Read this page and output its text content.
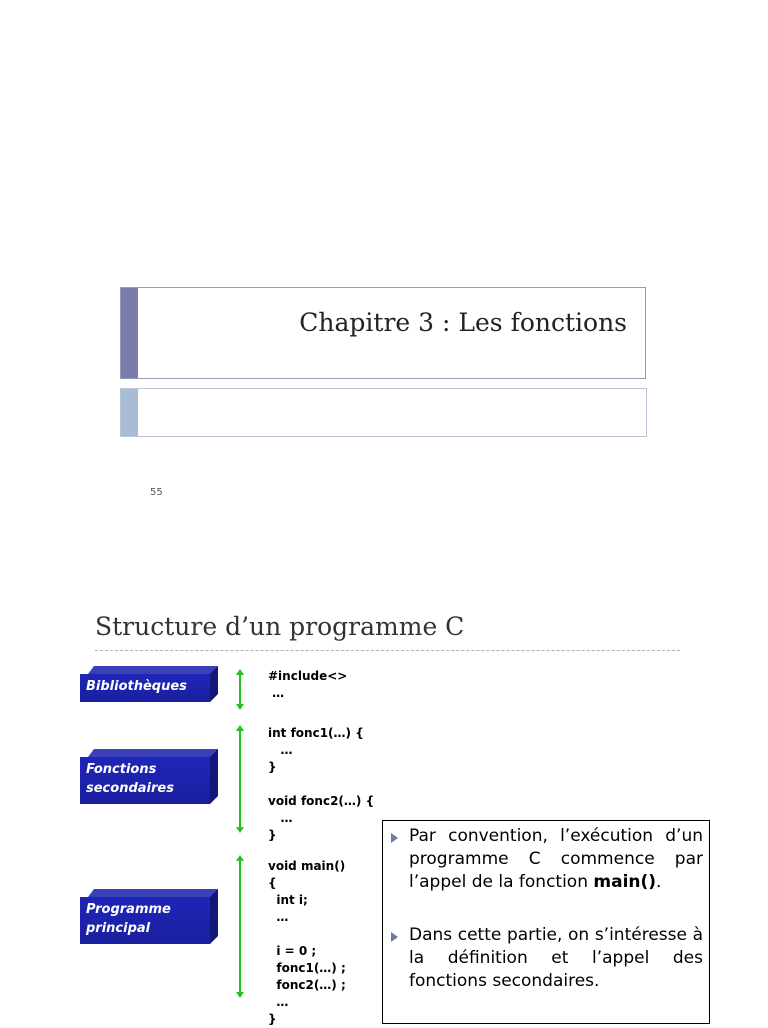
Chapitre 3 : Les fonctions
55
Structure d’un programme C
Bibliothèques
Fonctions
secondaires
Programme
principal
#include<>
…
int fonc1(…) {
…
}

void fonc2(…) {
…
}
void main()
{
int i;
…

i = 0 ;
fonc1(…) ;
fonc2(…) ;
…
}
Par convention, l’exécution d’un programme C commence par l’appel de la fonction main().
Dans cette partie, on s’intéresse à la définition et l’appel des fonctions secondaires.
